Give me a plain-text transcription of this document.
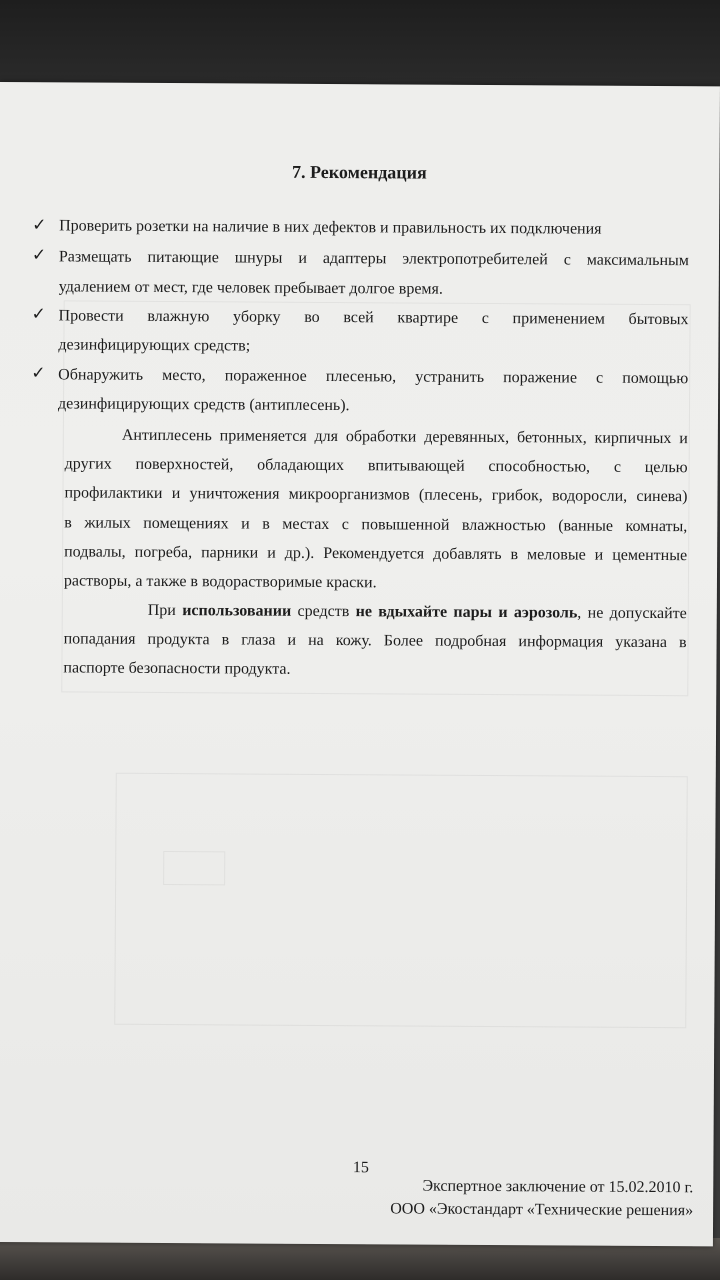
7. Рекомендация
✓ Проверить розетки на наличие в них дефектов и правильность их подключения
✓ Размещать питающие шнуры и адаптеры электропотребителей с максимальным
удалением от мест, где человек пребывает долгое время.
✓ Провести влажную уборку во всей квартире с применением бытовых
дезинфицирующих средств;
✓ Обнаружить место, пораженное плесенью, устранить поражение с помощью
дезинфицирующих средств (антиплесень).
Антиплесень применяется для обработки деревянных, бетонных, кирпичных и
других поверхностей, обладающих впитывающей способностью, с целью
профилактики и уничтожения микроорганизмов (плесень, грибок, водоросли, синева)
в жилых помещениях и в местах с повышенной влажностью (ванные комнаты,
подвалы, погреба, парники и др.). Рекомендуется добавлять в меловые и цементные
растворы, а также в водорастворимые краски.
При использовании средств не вдыхайте пары и аэрозоль, не допускайте
попадания продукта в глаза и на кожу. Более подробная информация указана в
паспорте безопасности продукта.
15
Экспертное заключение от 15.02.2010 г.
ООО «Экостандарт «Технические решения»
